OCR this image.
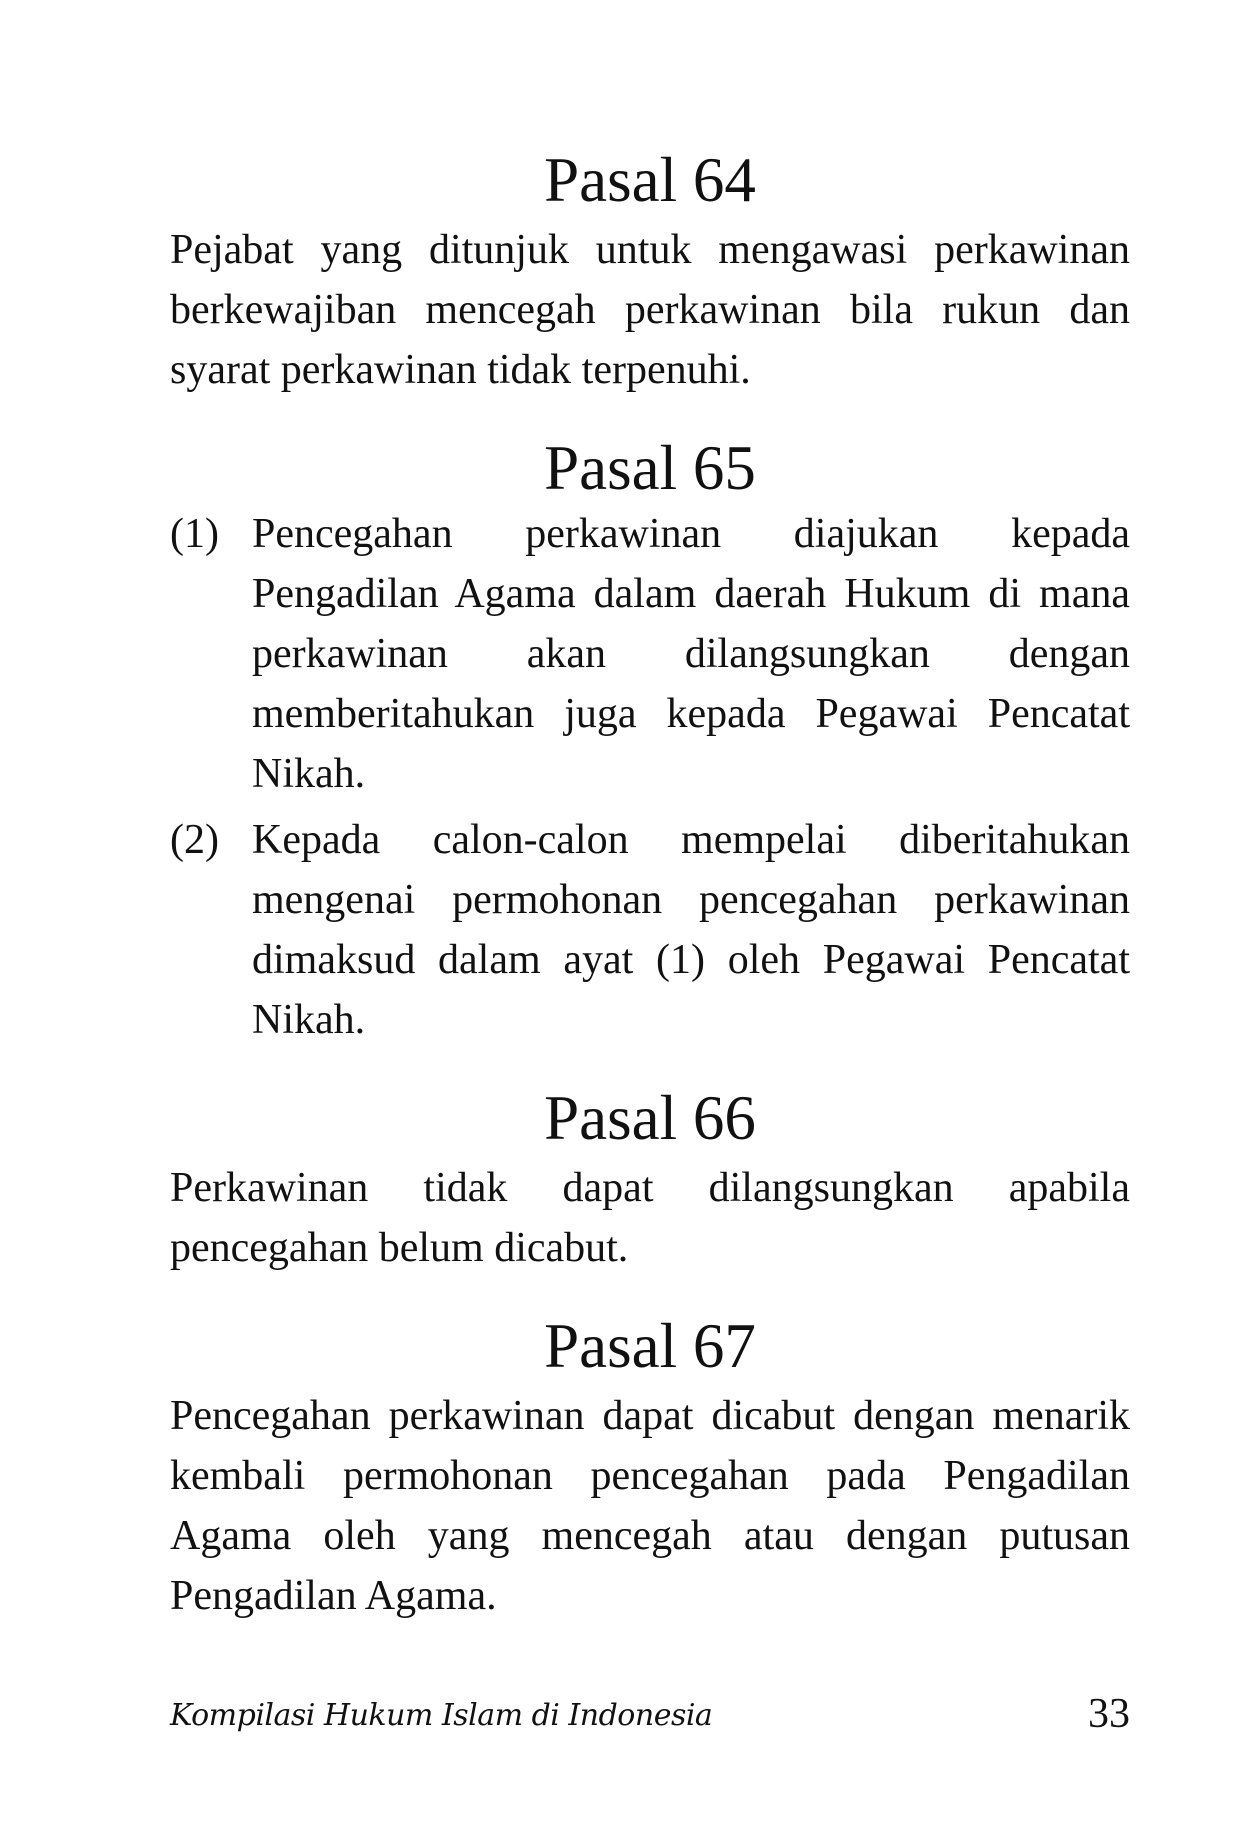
Pasal 64

Pejabat yang ditunjuk untuk mengawasi perkawinan berkewajiban mencegah perkawinan bila rukun dan syarat perkawinan tidak terpenuhi.

Pasal 65
(1) Pencegahan perkawinan diajukan kepada Pengadilan Agama dalam daerah Hukum di mana perkawinan akan dilangsungkan dengan memberitahukan juga kepada Pegawai Pencatat Nikah.
(2) Kepada calon-calon mempelai diberitahukan mengenai permohonan pencegahan perkawinan dimaksud dalam ayat (1) oleh Pegawai Pencatat Nikah.
Pasal 66

Perkawinan tidak dapat dilangsungkan apabila pencegahan belum dicabut.

Pasal 67

Pencegahan perkawinan dapat dicabut dengan menarik kembali permohonan pencegahan pada Pengadilan Agama oleh yang mencegah atau dengan putusan Pengadilan Agama.

Kompilasi Hukum Islam di Indonesia	33
